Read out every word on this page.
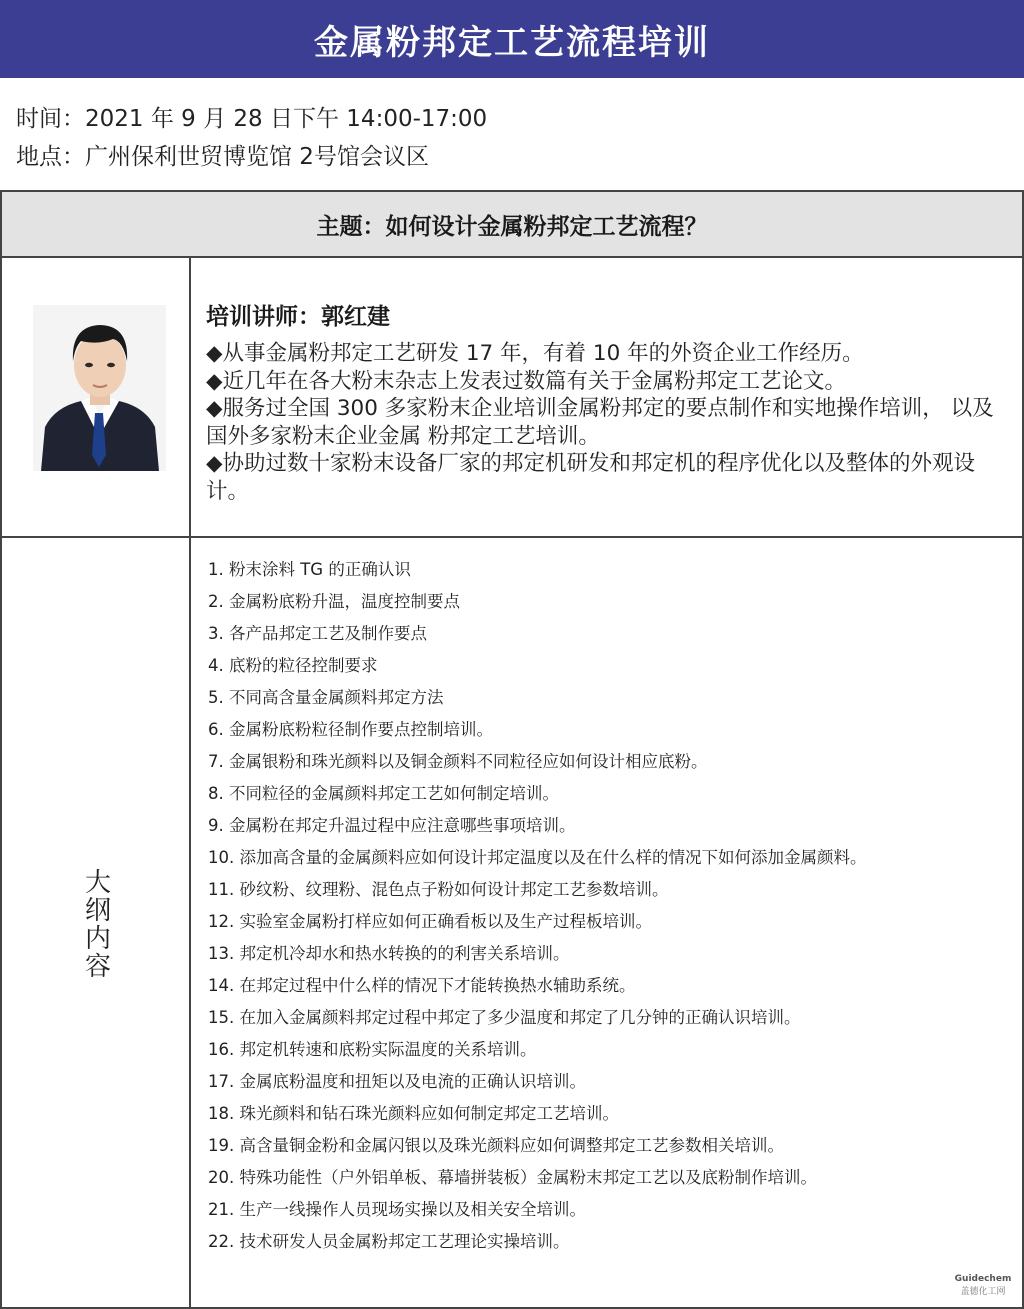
金属粉邦定工艺流程培训
时间：2021 年 9 月 28 日下午 14:00-17:00
地点：广州保利世贸博览馆 2号馆会议区
主题：如何设计金属粉邦定工艺流程？
培训讲师：郭红建

◆从事金属粉邦定工艺研发 17 年，有着 10 年的外资企业工作经历。

◆近几年在各大粉末杂志上发表过数篇有关于金属粉邦定工艺论文。

◆服务过全国 300 多家粉末企业培训金属粉邦定的要点制作和实地操作培训， 以及国外多家粉末企业金属 粉邦定工艺培训。

◆协助过数十家粉末设备厂家的邦定机研发和邦定机的程序优化以及整体的外观设计。

大纲内容
1. 粉末涂料 TG 的正确认识
2. 金属粉底粉升温，温度控制要点
3. 各产品邦定工艺及制作要点
4. 底粉的粒径控制要求
5. 不同高含量金属颜料邦定方法
6. 金属粉底粉粒径制作要点控制培训。
7. 金属银粉和珠光颜料以及铜金颜料不同粒径应如何设计相应底粉。
8. 不同粒径的金属颜料邦定工艺如何制定培训。
9. 金属粉在邦定升温过程中应注意哪些事项培训。
10. 添加高含量的金属颜料应如何设计邦定温度以及在什么样的情况下如何添加金属颜料。
11. 砂纹粉、纹理粉、混色点子粉如何设计邦定工艺参数培训。
12. 实验室金属粉打样应如何正确看板以及生产过程板培训。
13. 邦定机冷却水和热水转换的的利害关系培训。
14. 在邦定过程中什么样的情况下才能转换热水辅助系统。
15. 在加入金属颜料邦定过程中邦定了多少温度和邦定了几分钟的正确认识培训。
16. 邦定机转速和底粉实际温度的关系培训。
17. 金属底粉温度和扭矩以及电流的正确认识培训。
18. 珠光颜料和钻石珠光颜料应如何制定邦定工艺培训。
19. 高含量铜金粉和金属闪银以及珠光颜料应如何调整邦定工艺参数相关培训。
20. 特殊功能性（户外铝单板、幕墙拼装板）金属粉末邦定工艺以及底粉制作培训。
21. 生产一线操作人员现场实操以及相关安全培训。
22. 技术研发人员金属粉邦定工艺理论实操培训。
Guidechem
盖德化工网
